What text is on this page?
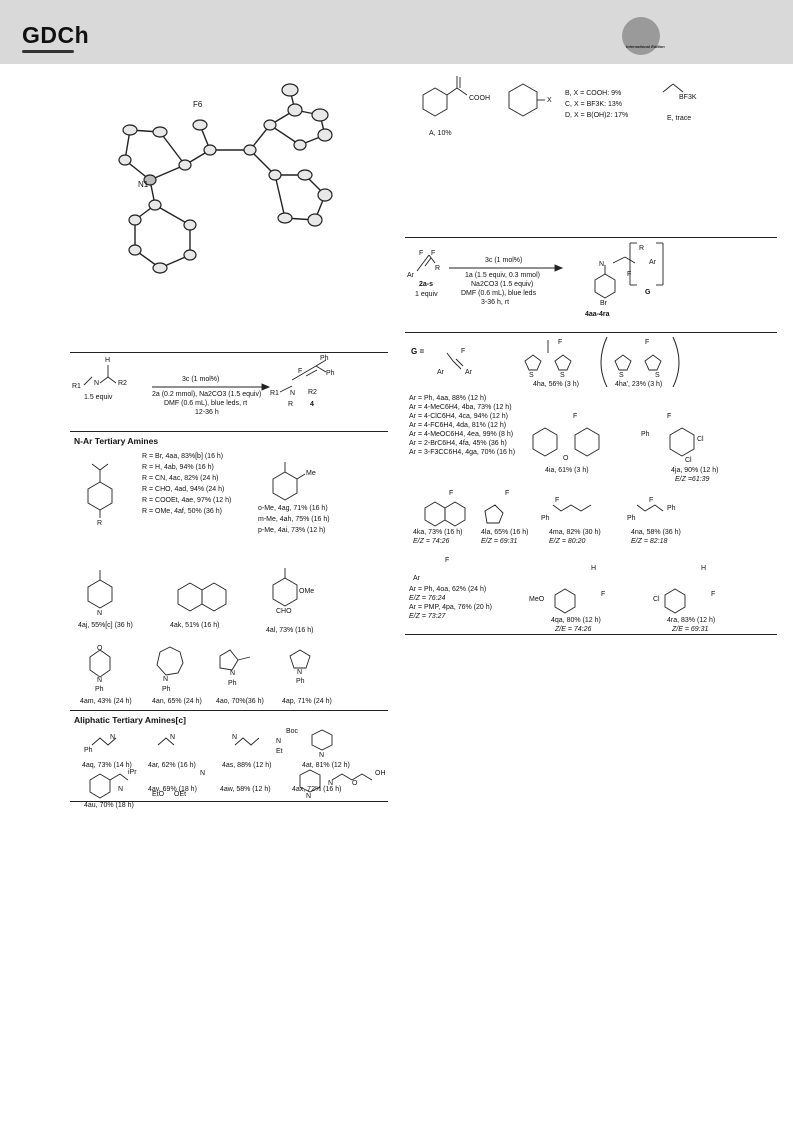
GDCh	International Edition
F6
N1
COOH
A, 10%
X
B, X = COOH: 9%
C, X = BF3K: 13%
D, X = B(OH)2: 17%
BF3K
E, trace
H
R1 N	R2
1.5 equiv
3c (1 mol%)
2a (0.2 mmol), Na2CO3 (1.5 equiv)
DMF (0.6 mL), blue leds, rt
12-36 h
Ph
F	Ph
R1 N R2
R 4
N-Ar Tertiary Amines
R = Br, 4aa, 83%[b] (16 h)
R = H, 4ab, 94% (16 h)
R = CN, 4ac, 82% (24 h)
R = CHO, 4ad, 94% (24 h)
R = COOEt, 4ae, 97% (12 h)
R = OMe, 4af, 50% (36 h)
R
Me
o-Me, 4ag, 71% (16 h)
m-Me, 4ah, 75% (16 h)
p-Me, 4ai, 73% (12 h)
N
OMe
CHO
4aj, 55%[c] (36 h)	4ak, 51% (16 h)
4al, 73% (16 h)
O
N
Ph
N
Ph
N
Ph
N
Ph
4am, 43% (24 h)	4an, 65% (24 h) 4ao, 70%(36 h)	4ap, 71% (24 h)
Aliphatic Tertiary Amines[c]
Ph
N	N	N
Boc
N
Et
N
4aq, 73% (14 h) 4ar, 62% (16 h)	4as, 88% (12 h)	4at, 81% (12 h)
iPr
N
N
EtO OEt	N
N	O
OH
4au, 70% (18 h)
4av, 69% (18 h)	4aw, 58% (12 h)	4ax, 72% (16 h)
F F
Ar
R
2a-s
1 equiv
3c (1 mol%)
1a (1.5 equiv, 0.3 mmol)
Na2CO3 (1.5 equiv)
DMF (0.6 mL), blue leds
3-36 h, rt
N
R
Ar
F
G
Br
4aa-4ra
G =	F
Ar	Ar
F
S	S
4ha, 56% (3 h)
F
S	S
4ha', 23% (3 h)
Ar = Ph, 4aa, 88% (12 h)
Ar = 4-MeC6H4, 4ba, 73% (12 h)
Ar = 4-ClC6H4, 4ca, 94% (12 h)
Ar = 4-FC6H4, 4da, 81% (12 h)
Ar = 4-MeOC6H4, 4ea, 99% (8 h)
Ar = 2-BrC6H4, 4fa, 45% (36 h)
Ar = 3-F3CC6H4, 4ga, 70% (16 h)
F
O
4ia, 61% (3 h)
F
Ph
Cl
Cl
4ja, 90% (12 h)
E/Z =61:39
F
4ka, 73% (16 h)
E/Z = 74:26
F
4la, 65% (16 h)
E/Z = 69:31
F
Ph
4ma, 82% (30 h)
E/Z = 80:20
F
Ph
Ph
4na, 58% (36 h)
E/Z = 82:18
F
Ar
Ar = Ph, 4oa, 62% (24 h)
E/Z = 76:24
Ar = PMP, 4pa, 76% (20 h)
E/Z = 73:27
H
MeO
F
4qa, 80% (12 h)
Z/E = 74:26
H
Cl
F
4ra, 83% (12 h)
Z/E = 69:31
